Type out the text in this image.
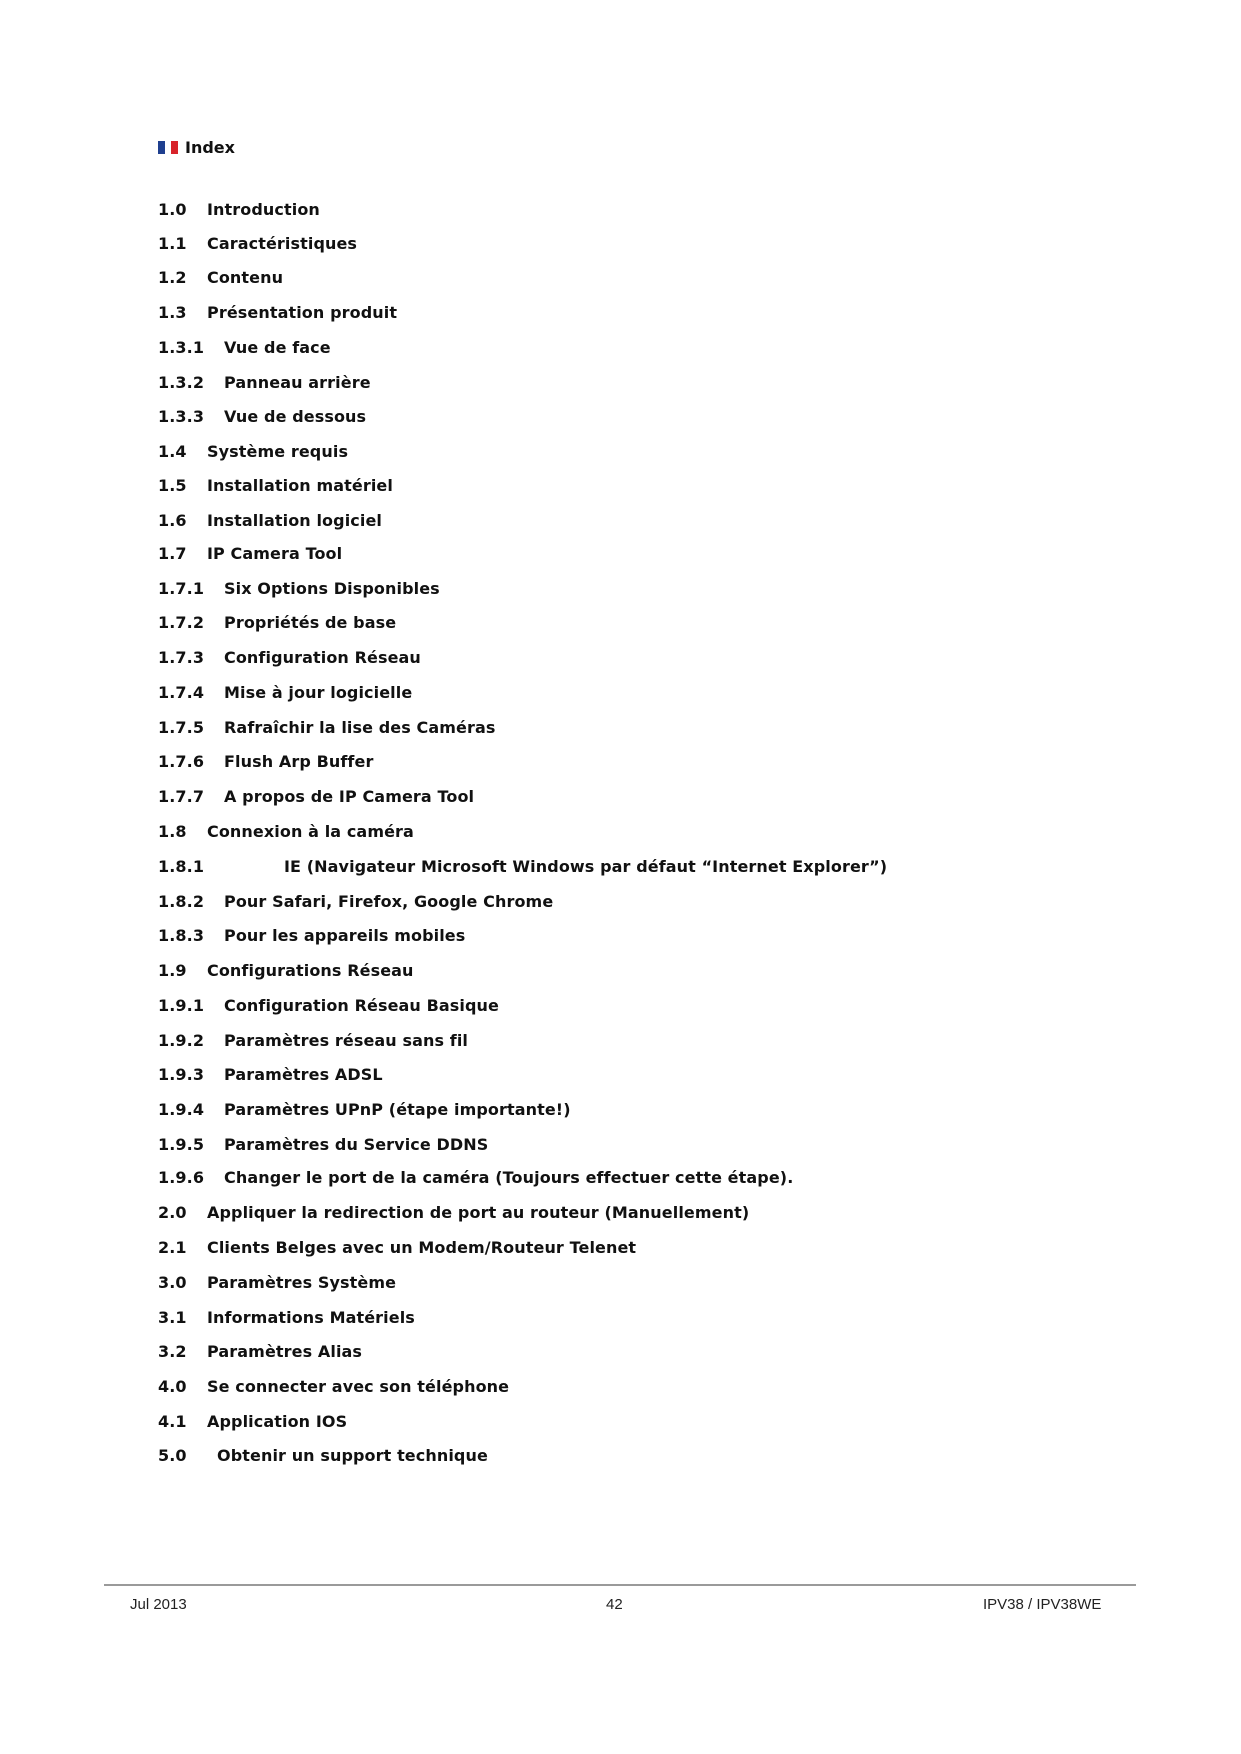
Index
1.0	Introduction
1.1	Caractéristiques
1.2	Contenu
1.3	Présentation produit
1.3.1	Vue de face
1.3.2	Panneau arrière
1.3.3	Vue de dessous
1.4	Système requis
1.5	Installation matériel
1.6	Installation logiciel
1.7	IP Camera Tool
1.7.1	Six Options Disponibles
1.7.2	Propriétés de base
1.7.3	Configuration Réseau
1.7.4	Mise à jour logicielle
1.7.5	Rafraîchir la lise des Caméras
1.7.6	Flush Arp Buffer
1.7.7	A propos de IP Camera Tool
1.8	Connexion à la caméra
1.8.1	IE (Navigateur Microsoft Windows par défaut “Internet Explorer”)
1.8.2	Pour Safari, Firefox, Google Chrome
1.8.3	Pour les appareils mobiles
1.9	Configurations Réseau
1.9.1	Configuration Réseau Basique
1.9.2	Paramètres réseau sans fil
1.9.3	Paramètres ADSL
1.9.4	Paramètres UPnP (étape importante!)
1.9.5	Paramètres du Service DDNS
1.9.6	Changer le port de la caméra (Toujours effectuer cette étape).
2.0	Appliquer la redirection de port au routeur (Manuellement)
2.1	Clients Belges avec un Modem/Routeur Telenet
3.0	Paramètres Système
3.1	Informations Matériels
3.2	Paramètres Alias
4.0	Se connecter avec son téléphone
4.1	Application IOS
5.0	Obtenir un support technique
Jul 2013	42	IPV38 / IPV38WE
